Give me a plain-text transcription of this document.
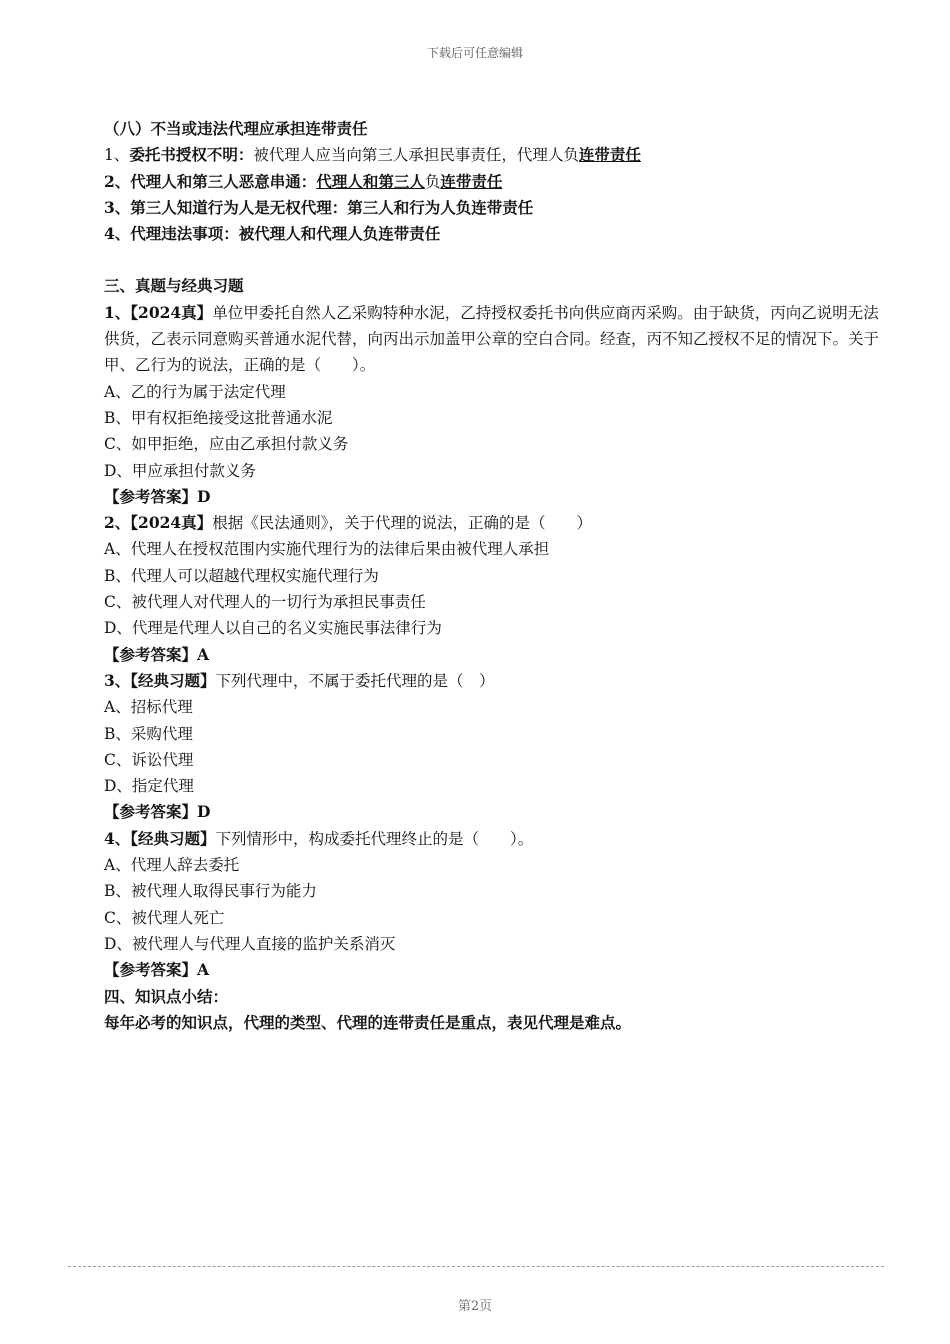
下载后可任意编辑
（八）不当或违法代理应承担连带责任
1、委托书授权不明：被代理人应当向第三人承担民事责任，代理人负连带责任
2、代理人和第三人恶意串通：代理人和第三人负连带责任
3、第三人知道行为人是无权代理：第三人和行为人负连带责任
4、代理违法事项：被代理人和代理人负连带责任
三、真题与经典习题
1、【2024真】单位甲委托自然人乙采购特种水泥，乙持授权委托书向供应商丙采购。由于缺货，丙向乙说明无法供货，乙表示同意购买普通水泥代替，向丙出示加盖甲公章的空白合同。经查，丙不知乙授权不足的情况下。关于甲、乙行为的说法，正确的是（　　）。
A、乙的行为属于法定代理
B、甲有权拒绝接受这批普通水泥
C、如甲拒绝，应由乙承担付款义务
D、甲应承担付款义务
【参考答案】D
2、【2024真】根据《民法通则》，关于代理的说法，正确的是（　　）
A、代理人在授权范围内实施代理行为的法律后果由被代理人承担
B、代理人可以超越代理权实施代理行为
C、被代理人对代理人的一切行为承担民事责任
D、代理是代理人以自己的名义实施民事法律行为
【参考答案】A
3、【经典习题】下列代理中，不属于委托代理的是（　）
A、招标代理
B、采购代理
C、诉讼代理
D、指定代理
【参考答案】D
4、【经典习题】下列情形中，构成委托代理终止的是（　　）。
A、代理人辞去委托
B、被代理人取得民事行为能力
C、被代理人死亡
D、被代理人与代理人直接的监护关系消灭
【参考答案】A
四、知识点小结：
每年必考的知识点，代理的类型、代理的连带责任是重点，表见代理是难点。
第2页
